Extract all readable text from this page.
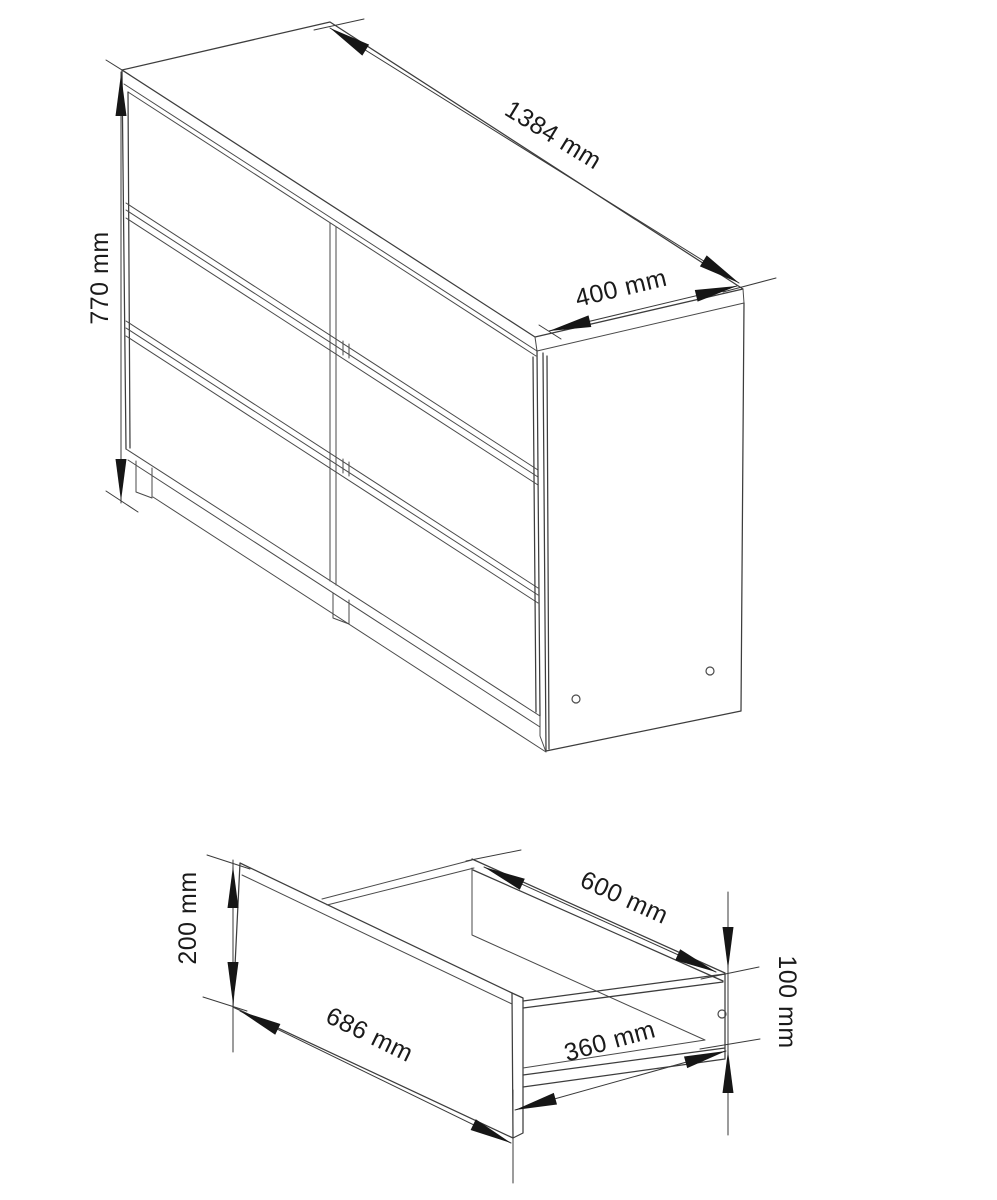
1384 mm
770 mm	400 mm
200 mm
686 mm
600 mm
100 mm
360 mm
